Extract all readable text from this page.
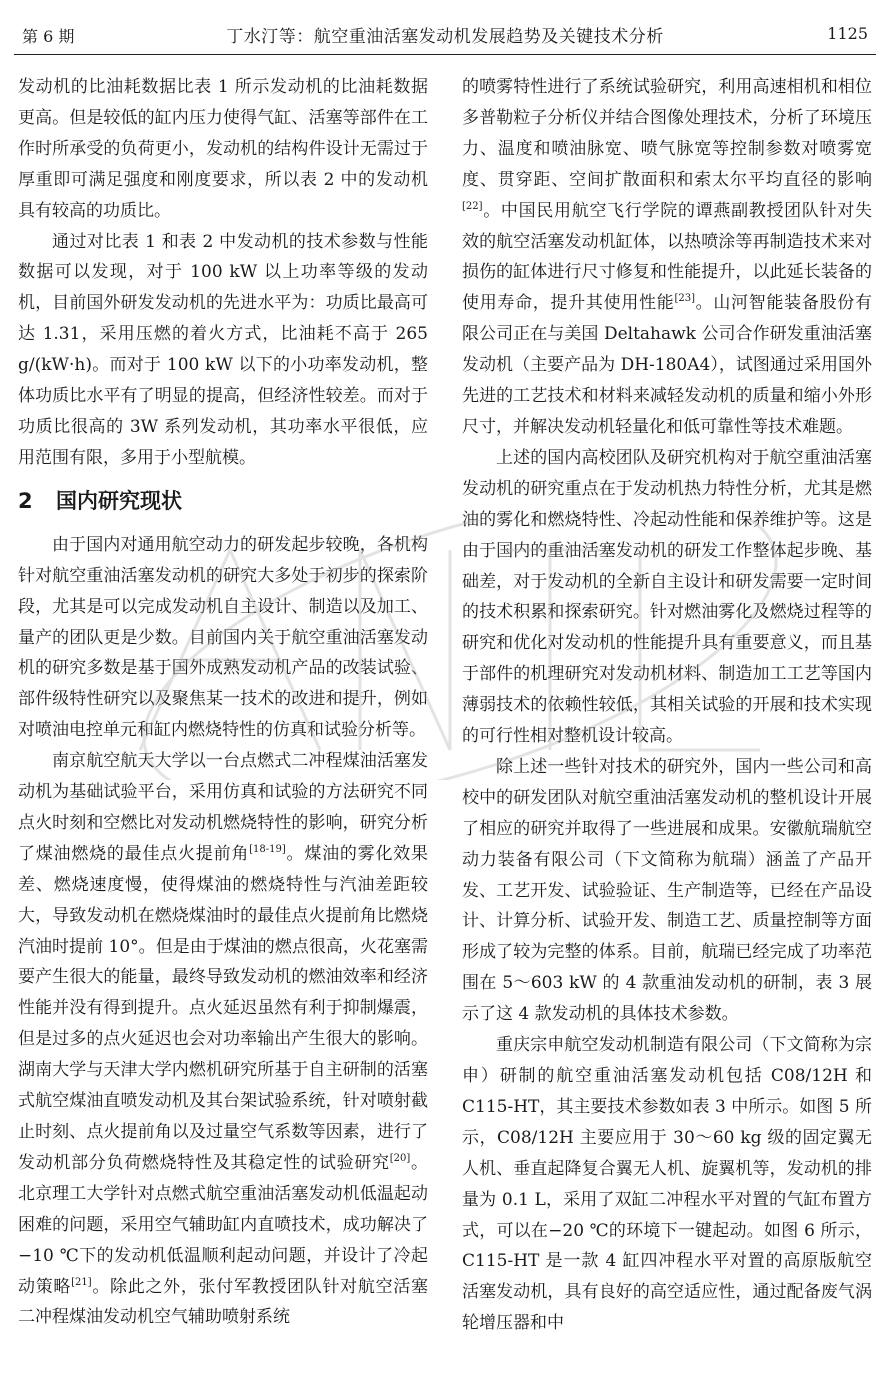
第 6 期	丁水汀等：航空重油活塞发动机发展趋势及关键技术分析	1125

发动机的比油耗数据比表 1 所示发动机的比油耗数据更高。但是较低的缸内压力使得气缸、活塞等部件在工作时所承受的负荷更小，发动机的结构件设计无需过于厚重即可满足强度和刚度要求，所以表 2 中的发动机具有较高的功质比。

通过对比表 1 和表 2 中发动机的技术参数与性能数据可以发现，对于 100 kW 以上功率等级的发动机，目前国外研发发动机的先进水平为：功质比最高可达 1.31，采用压燃的着火方式，比油耗不高于 265 g/(kW·h)。而对于 100 kW 以下的小功率发动机，整体功质比水平有了明显的提高，但经济性较差。而对于功质比很高的 3W 系列发动机，其功率水平很低，应用范围有限，多用于小型航模。

2 国内研究现状

由于国内对通用航空动力的研发起步较晚，各机构针对航空重油活塞发动机的研究大多处于初步的探索阶段，尤其是可以完成发动机自主设计、制造以及加工、量产的团队更是少数。目前国内关于航空重油活塞发动机的研究多数是基于国外成熟发动机产品的改装试验、部件级特性研究以及聚焦某一技术的改进和提升，例如对喷油电控单元和缸内燃烧特性的仿真和试验分析等。

南京航空航天大学以一台点燃式二冲程煤油活塞发动机为基础试验平台，采用仿真和试验的方法研究不同点火时刻和空燃比对发动机燃烧特性的影响，研究分析了煤油燃烧的最佳点火提前角[18-19]。煤油的雾化效果差、燃烧速度慢，使得煤油的燃烧特性与汽油差距较大，导致发动机在燃烧煤油时的最佳点火提前角比燃烧汽油时提前 10°。但是由于煤油的燃点很高，火花塞需要产生很大的能量，最终导致发动机的燃油效率和经济性能并没有得到提升。点火延迟虽然有利于抑制爆震，但是过多的点火延迟也会对功率输出产生很大的影响。湖南大学与天津大学内燃机研究所基于自主研制的活塞式航空煤油直喷发动机及其台架试验系统，针对喷射截止时刻、点火提前角以及过量空气系数等因素，进行了发动机部分负荷燃烧特性及其稳定性的试验研究[20]。北京理工大学针对点燃式航空重油活塞发动机低温起动困难的问题，采用空气辅助缸内直喷技术，成功解决了−10 ℃下的发动机低温顺利起动问题，并设计了冷起动策略[21]。除此之外，张付军教授团队针对航空活塞二冲程煤油发动机空气辅助喷射系统

的喷雾特性进行了系统试验研究，利用高速相机和相位多普勒粒子分析仪并结合图像处理技术，分析了环境压力、温度和喷油脉宽、喷气脉宽等控制参数对喷雾宽度、贯穿距、空间扩散面积和索太尔平均直径的影响[22]。中国民用航空飞行学院的谭燕副教授团队针对失效的航空活塞发动机缸体，以热喷涂等再制造技术来对损伤的缸体进行尺寸修复和性能提升，以此延长装备的使用寿命，提升其使用性能[23]。山河智能装备股份有限公司正在与美国 Deltahawk 公司合作研发重油活塞发动机（主要产品为 DH-180A4），试图通过采用国外先进的工艺技术和材料来减轻发动机的质量和缩小外形尺寸，并解决发动机轻量化和低可靠性等技术难题。

上述的国内高校团队及研究机构对于航空重油活塞发动机的研究重点在于发动机热力特性分析，尤其是燃油的雾化和燃烧特性、冷起动性能和保养维护等。这是由于国内的重油活塞发动机的研发工作整体起步晚、基础差，对于发动机的全新自主设计和研发需要一定时间的技术积累和探索研究。针对燃油雾化及燃烧过程等的研究和优化对发动机的性能提升具有重要意义，而且基于部件的机理研究对发动机材料、制造加工工艺等国内薄弱技术的依赖性较低，其相关试验的开展和技术实现的可行性相对整机设计较高。

除上述一些针对技术的研究外，国内一些公司和高校中的研发团队对航空重油活塞发动机的整机设计开展了相应的研究并取得了一些进展和成果。安徽航瑞航空动力装备有限公司（下文简称为航瑞）涵盖了产品开发、工艺开发、试验验证、生产制造等，已经在产品设计、计算分析、试验开发、制造工艺、质量控制等方面形成了较为完整的体系。目前，航瑞已经完成了功率范围在 5～603 kW 的 4 款重油发动机的研制，表 3 展示了这 4 款发动机的具体技术参数。

重庆宗申航空发动机制造有限公司（下文简称为宗申）研制的航空重油活塞发动机包括 C08/12H 和 C115-HT，其主要技术参数如表 3 中所示。如图 5 所示，C08/12H 主要应用于 30～60 kg 级的固定翼无人机、垂直起降复合翼无人机、旋翼机等，发动机的排量为 0.1 L，采用了双缸二冲程水平对置的气缸布置方式，可以在−20 ℃的环境下一键起动。如图 6 所示，C115-HT 是一款 4 缸四冲程水平对置的高原版航空活塞发动机，具有良好的高空适应性，通过配备废气涡轮增压器和中
